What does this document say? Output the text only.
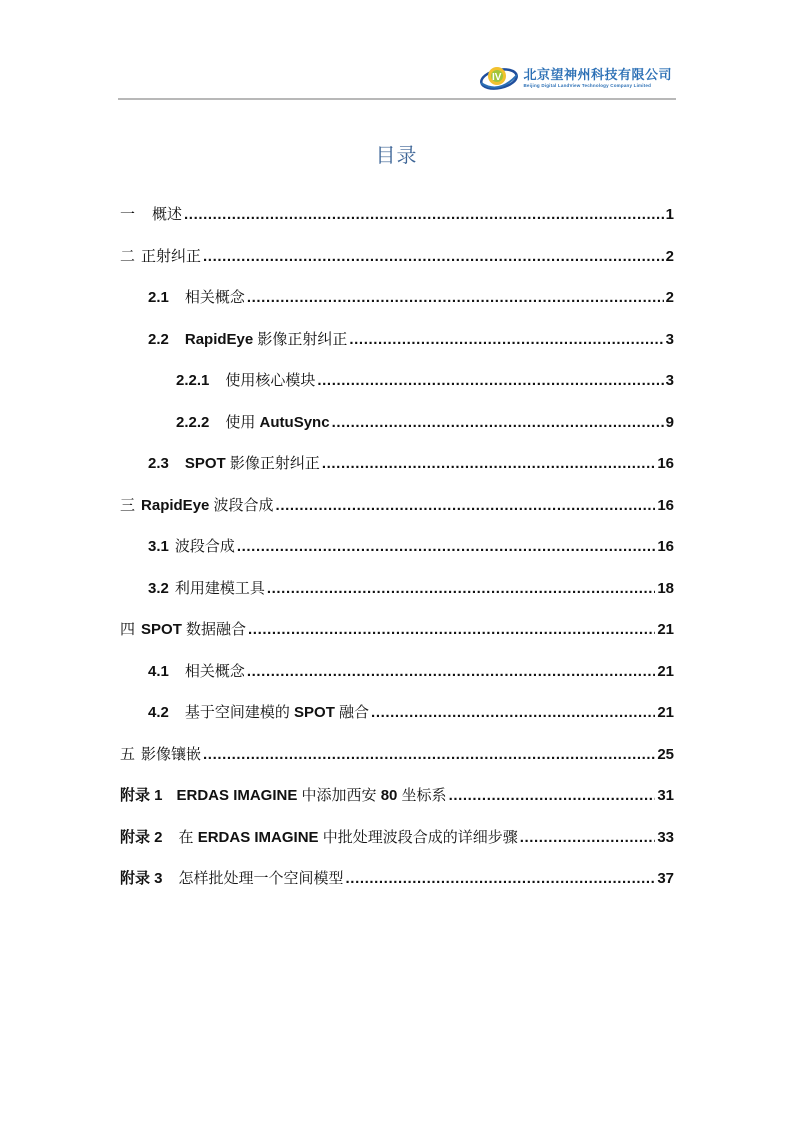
IV 北京望神州科技有限公司
Beijing Digital LandView Technology Company Limited
目录
一 概述 .....	1
二 正射纠正 .....	2
2.1 相关概念 .....	2
2.2 RapidEye 影像正射纠正 .....	3
2.2.1 使用核心模块 .....	3
2.2.2 使用 AutuSync .....	9
2.3 SPOT 影像正射纠正 .....	16
三 RapidEye 波段合成 .....	16
3.1 波段合成 .....	16
3.2 利用建模工具 .....	18
四 SPOT 数据融合 .....	21
4.1 相关概念 .....	21
4.2 基于空间建模的 SPOT 融合 .....	21
五 影像镶嵌 .....	25
附录 1 ERDAS IMAGINE 中添加西安 80 坐标系 .....	31
附录 2 在 ERDAS IMAGINE 中批处理波段合成的详细步骤 .....	33
附录 3 怎样批处理一个空间模型 .....	37
